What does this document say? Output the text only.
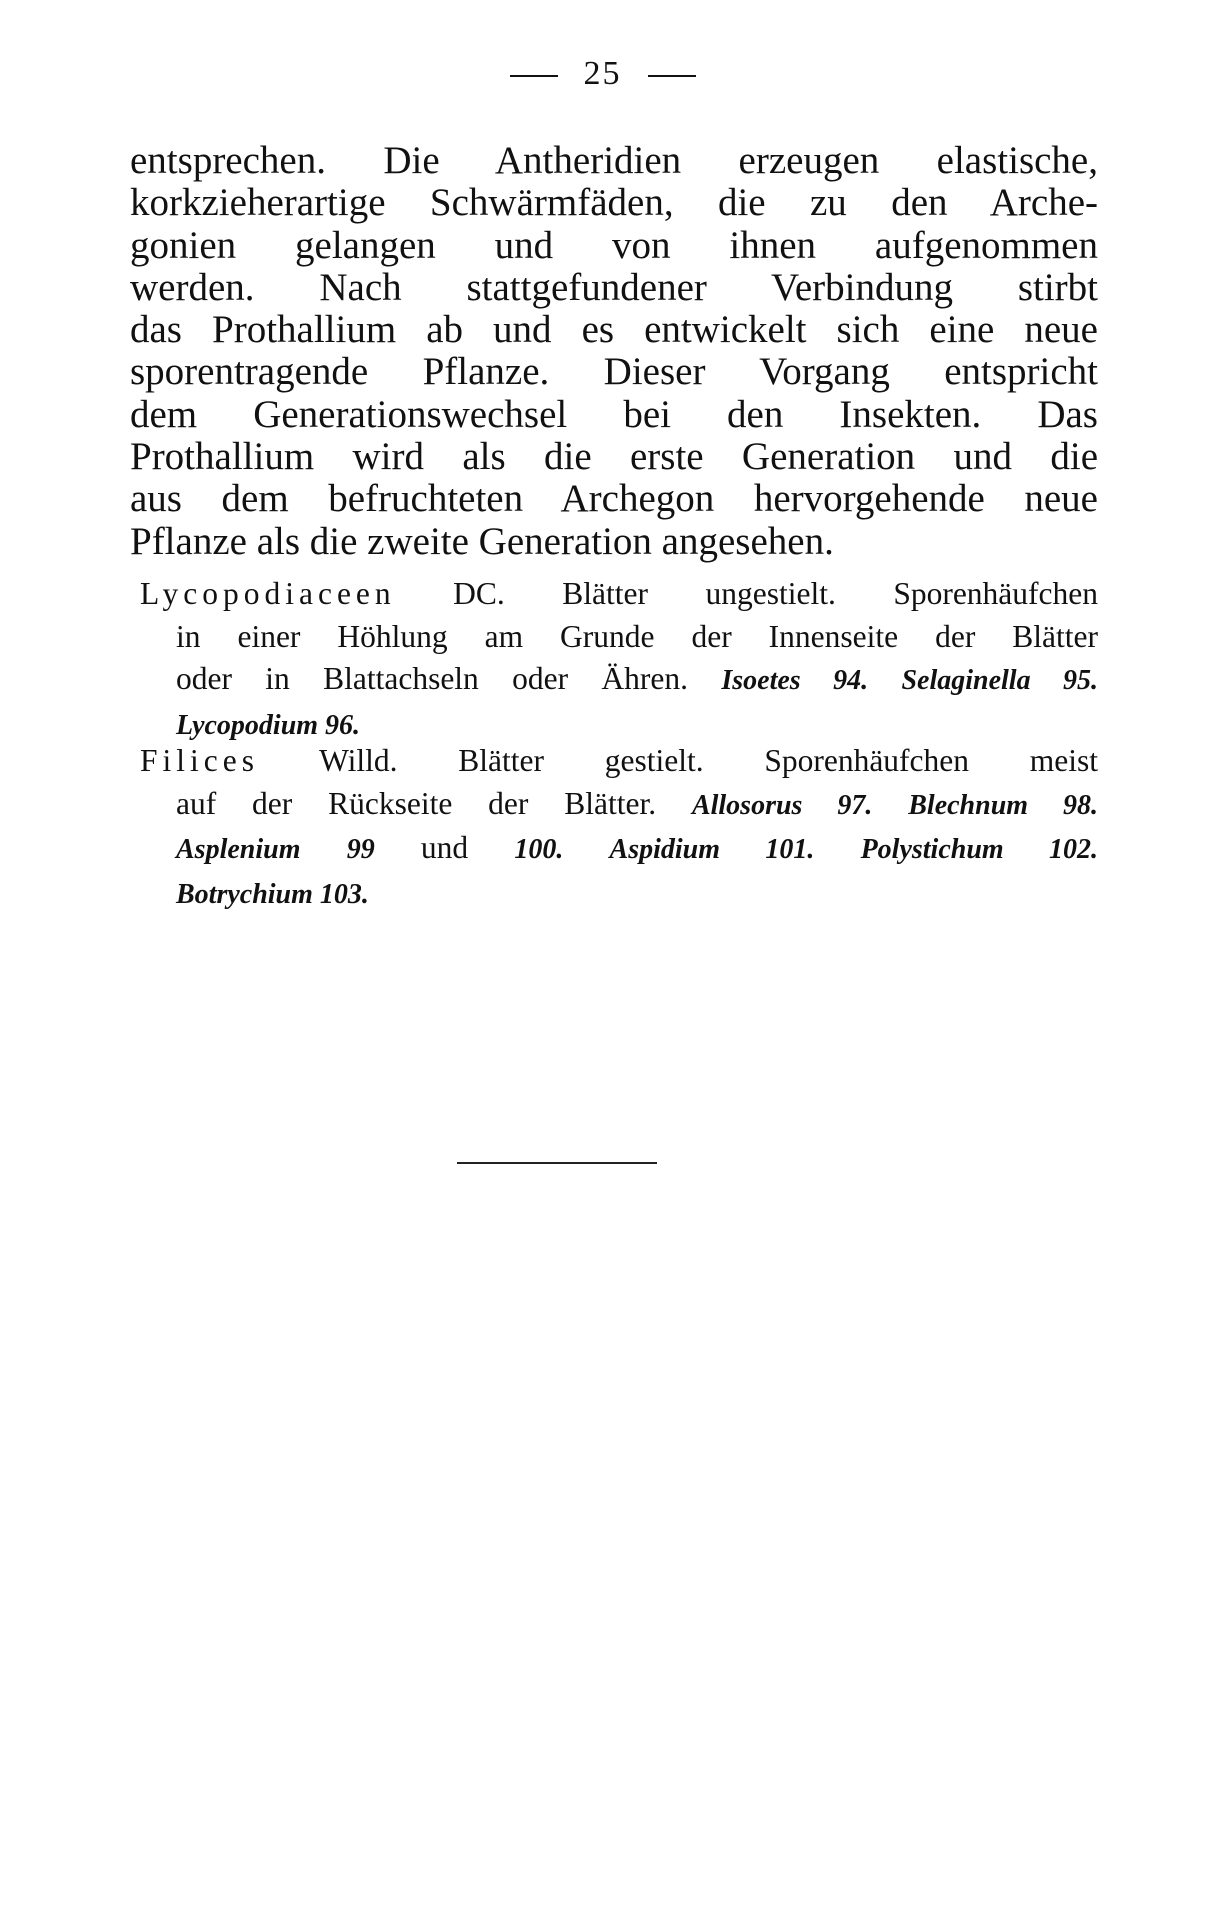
25
entsprechen. Die Antheridien erzeugen elastische,
korkzieherartige Schwärmfäden, die zu den Arche-
gonien gelangen und von ihnen aufgenommen
werden. Nach stattgefundener Verbindung stirbt
das Prothallium ab und es entwickelt sich eine neue
sporentragende Pflanze. Dieser Vorgang entspricht
dem Generationswechsel bei den Insekten. Das
Prothallium wird als die erste Generation und die
aus dem befruchteten Archegon hervorgehende neue
Pflanze als die zweite Generation angesehen.
Lycopodiaceen DC. Blätter ungestielt. Sporenhäufchen
in einer Höhlung am Grunde der Innenseite der Blätter
oder in Blattachseln oder Ähren. Isoetes 94. Selaginella 95.
Lycopodium 96.
Filices Willd. Blätter gestielt. Sporenhäufchen meist
auf der Rückseite der Blätter. Allosorus 97. Blechnum 98.
Asplenium 99 und 100. Aspidium 101. Polystichum 102.
Botrychium 103.
